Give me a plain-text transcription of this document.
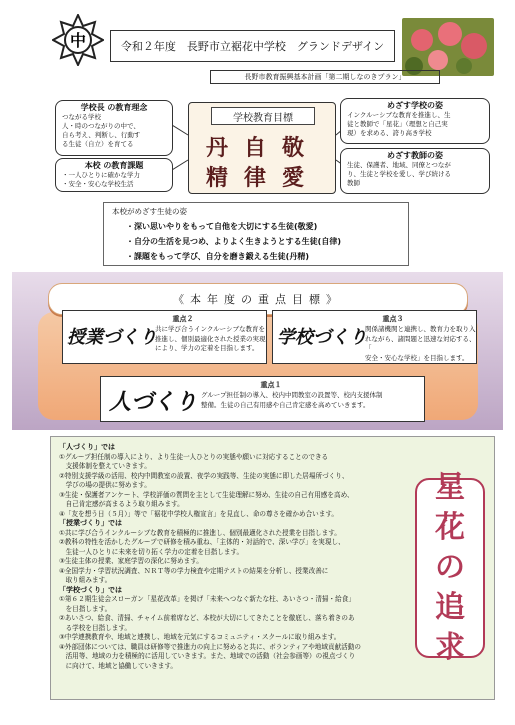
中	令和２年度　長野市立裾花中学校　グランドデザイン
長野市教育振興基本計画「第二期しなのきプラン」
学校長 の教育理念
つながる学校
人・時のつながりの中で、
自ら考え、判断し、行動す
る生徒（自立）を育てる
本校 の教育課題
・一人ひとりに確かな学力
・安全・安心な学校生活
学校教育目標
丹自敬
精律愛
めざす学校の姿
インクルーシブな教育を推進し、生
徒と教師で「星花」（理想と自己実
現）を求める、誇り高き学校
めざす教師の姿
生徒、保護者、地域、同僚とつなが
り、生徒と学校を愛し、学び続ける
教師
本校がめざす生徒の姿
・深い思いやりをもって自他を大切にする生徒(敬愛)
・自分の生活を見つめ、よりよく生きようとする生徒(自律)
・課題をもって学び、自分を磨き鍛える生徒(丹精)
《本年度の重点目標》
重点２
授業づくり
共に学び合うインクルーシブな教育を
推進し、個別最適化された授業の実現
により、学力の定着を目指します。
重点３
学校づくり
関係諸機関と連携し、教育力を取り入
れながら、諸問題と迅速な対応する、「
安全・安心な学校」を目指します。
重点１
人づくり グループ担任制の導入、校内中間教室の設置等、校内支援体制
整備。生徒の自己有用感や自己肯定感を高めていきます。
「人づくり」では
①グループ担任制の導入により、より生徒一人ひとりの実態や願いに対応することのできる
　支援体制を整えていきます。
②特別支援学級の活用、校内中間教室の設置、夜学の実践等、生徒の実態に即した居場所づくり、
　学びの場の提供に努めます。
③生徒・保護者アンケート、学校評価の質問を主として生徒理解に努め、生徒の自己有用感を高め、
　自己肯定感が高まるよう取り組みます。
④「友を想う日（５月）」等で「裾花中学校人権宣言」を見直し、命の尊さを確かめ合います。
「授業づくり」では
①共に学び合うインクルーシブな教育を積極的に推進し、個別最適化された授業を目指します。
②教科の特性を活かしたグループで研修を積み重ね、「主体的・対話的で、深い学び」を実現し、
　生徒一人ひとりに未来を切り拓く学力の定着を目指します。
③生徒主体の授業、家庭学習の深化に努めます。
④全国学力・学習状況調査、ＮＲＴ等の学力検査や定期テストの結果を分析し、授業改善に
　取り組みます。
「学校づくり」では
①第６２期生徒会スローガン「星花改革」を掲げ「未来へつなぐ新たな柱、あいさつ・清掃・給食」
　を目指します。
②あいさつ、給食、清掃、チャイム前着席など、本校が大切にしてきたことを徹底し、落ち着きのあ
　る学校を目指します。
③中学連携教育や、地域と連携し、地域を元気にするコミュニティ・スクールに取り組みます。
④外部団体については、職員は研修等で推進力の向上に努めると共に、ボランティアや地域貢献活動の
　活用等、地域の力を積極的に活用していきます。また、地域での活動（社会参画等）の視点づくり
　に向けて、地域と協働していきます。
星
花
の
追
求
